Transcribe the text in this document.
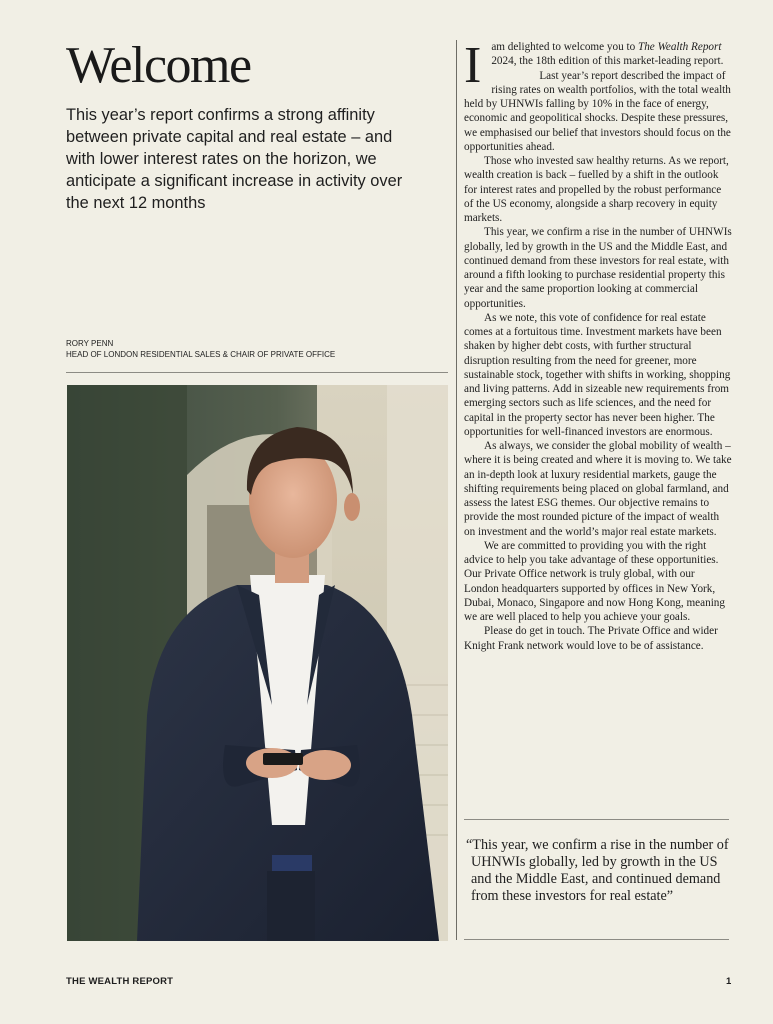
Welcome

This year’s report confirms a strong affinity between private capital and real estate – and with lower interest rates on the horizon, we anticipate a significant increase in activity over the next 12 months

RORY PENN
HEAD OF LONDON RESIDENTIAL SALES & CHAIR OF PRIVATE OFFICE

Iam delighted to welcome you to The Wealth Report 2024, the 18th edition of this market-leading report.

Last year’s report described the impact of rising rates on wealth portfolios, with the total wealth held by UHNWIs falling by 10% in the face of energy, economic and geopolitical shocks. Despite these pressures, we emphasised our belief that investors should focus on the opportunities ahead.

Those who invested saw healthy returns. As we report, wealth creation is back – fuelled by a shift in the outlook for interest rates and propelled by the robust performance of the US economy, alongside a sharp recovery in equity markets.

This year, we confirm a rise in the number of UHNWIs globally, led by growth in the US and the Middle East, and continued demand from these investors for real estate, with around a fifth looking to purchase residential property this year and the same proportion looking at commercial opportunities.

As we note, this vote of confidence for real estate comes at a fortuitous time. Investment markets have been shaken by higher debt costs, with further structural disruption resulting from the need for greener, more sustainable stock, together with shifts in working, shopping and living patterns. Add in sizeable new requirements from emerging sectors such as life sciences, and the need for capital in the property sector has never been higher. The opportunities for well-financed investors are enormous.

As always, we consider the global mobility of wealth – where it is being created and where it is moving to. We take an in-depth look at luxury residential markets, gauge the shifting requirements being placed on global farmland, and assess the latest ESG themes. Our objective remains to provide the most rounded picture of the impact of wealth on investment and the world’s major real estate markets.

We are committed to providing you with the right advice to help you take advantage of these opportunities. Our Private Office network is truly global, with our London headquarters supported by offices in New York, Dubai, Monaco, Singapore and now Hong Kong, meaning we are well placed to help you achieve your goals.

Please do get in touch. The Private Office and wider Knight Frank network would love to be of assistance.

“This year, we confirm a rise in the number of UHNWIs globally, led by growth in the US and the Middle East, and continued demand from these investors for real estate”

THE WEALTH REPORT	1
